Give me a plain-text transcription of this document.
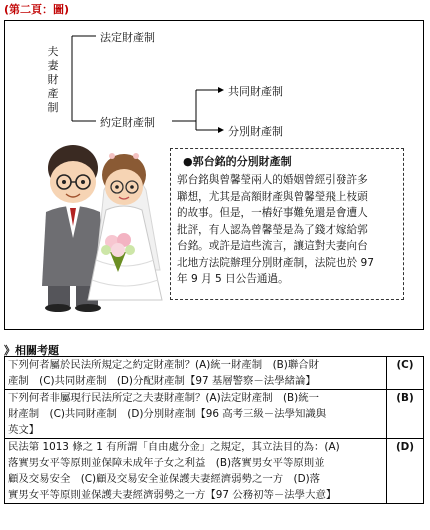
(第二頁：圖)
夫妻財產制
法定財產制
約定財產制
共同財產制
分別財產制
●郭台銘的分別財產制

郭台銘與曾馨瑩兩人的婚姻曾經引發許多
聯想，尤其是高額財產與曾馨瑩飛上枝頭
的故事。但是，一樁好事難免還是會遭人
批評，有人認為曾馨瑩是為了錢才嫁給郭
台銘。或許是這些流言，讓這對夫妻向台
北地方法院辦理分別財產制，法院也於 97
年 9 月 5 日公告通過。

》相關考題
下列何者屬於民法所規定之約定財產制？(A)統一財產制　(B)聯合財
產制　(C)共同財產制　(D)分配財產制【97 基層警察－法學緒論】	(C)
下列何者非屬現行民法所定之夫妻財產制？(A)法定財產制　(B)統一
財產制　(C)共同財產制　(D)分別財產制【96 高考三級－法學知識與
英文】	(B)
民法第 1013 條之 1 有所謂「自由處分金」之規定，其立法目的為：(A)
落實男女平等原則並保障未成年子女之利益　(B)落實男女平等原則並
顧及交易安全　(C)顧及交易安全並保護夫妻經濟弱勢之一方　(D)落
實男女平等原則並保護夫妻經濟弱勢之一方【97 公務初等－法學大意】	(D)
